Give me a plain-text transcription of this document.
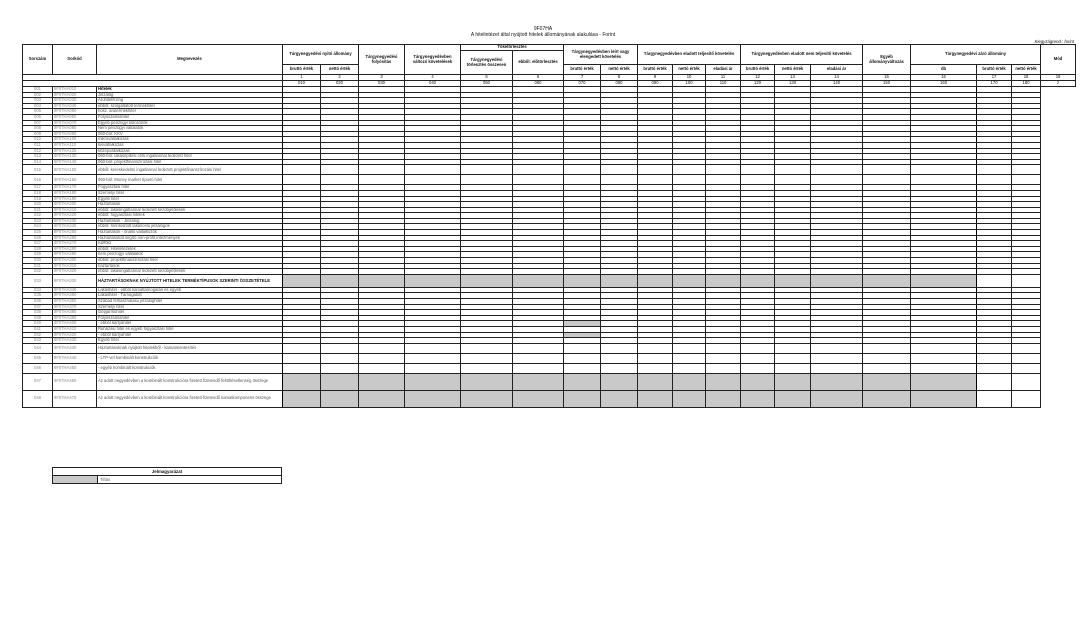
9F07HA
A hitelintézet által nyújtott hitelek állományának alakulása - Forint
Kiegyzágrend.: forint
Sorszám	Sorkód	Megnevezés	Tárgynegyedévi nyitó állomány		Tárgynegyedévi folyósítás	Tárgynegyedévben változó követelések	Tőketörlesztés		Tárgynegyedévben leírt vagy elengedett követelés		Tárgynegyedévben eladott teljesítő követelés			Tárgynegyedévben eladott nem teljesítő követelés			Egyéb állományváltozás	Tárgynegyedévi záró állomány			Mód
							Tárgynegyedévi törlesztés összesen	ebből: előtörlesztés													
			bruttó érték	nettó érték					bruttó érték	nettó érték	bruttó érték	nettó érték	eladási ár	bruttó érték	nettó érték	eladási ár		db	bruttó érték	nettó érték	
			1	2	3	4	5	6	7	8	9	10	11	12	13	14	15	16	17	18	19
			010	020	030	040	050	060	070	080	090	100	110	120	130	140	150	160	170	180	z
001	9F07HA010	Hitelek																			
002	9F07HA020	Jelzálog																			
003	9F07HA030	Áruhitel/lízing																			
004	9F07HA040	ebből: szolgáltatott termékhitel																			
005	9F07HA050	hosz. árutermékhitel																			
006	9F07HA060	Folyószámlahitel																			
007	9F07HA070	Egyéb pénzügyi kölcsönök																			
008	9F07HA080	Nem pénzügyi vállalatok																			
009	9F07HA090	060-ból: KKV																			
010	9F07HA100	mikrovállalkozás																			
011	9F07HA110	kisvállalkozás																			
012	9F07HA120	középvállalkozás																			
013	9F07HA130	060-ból: lakásépítési célú ingatlannal fedezett hitel																			
014	9F07HA140	060-ból: projektfinanszírozási hitel																			
015	9F07HA150	ebből: kereskedelmi ingatlannal fedezett projektfinanszírozási hitel																			
016	9F07HA160	060-ból: Money market típusú hitel																			
017	9F07HA170	Fogyasztási hitel																			
018	9F07HA180	Személyi hitel																			
019	9F07HA190	Egyéb hitel																			
020	9F07HA200	Háztartások																			
021	9F07HA210	ebből: lakásingatlannal fedezett kezdőjelölések																			
022	9F07HA220	ebből: fogyasztási hitelek																			
023	9F07HA230	Háztartások - Jelzálog																			
024	9F07HA240	ebből: forintosított lakáscélú jelzálogok																			
025	9F07HA250	Háztartások - önálló vállalkozók																			
026	9F07HA260	Háztartásokat segítő non-profit intézmények																			
027	9F07HA270	Külföld																			
028	9F07HA280	ebből: Hitelintézetek																			
029	9F07HA290	nem pénzügyi vállalatok																			
030	9F07HA300	ebből: projektfinanszírozási hitel																			
031	9F07HA310	háztartások																			
032	9F07HA320	ebből: lakásingatlannal fedezett kezdőjelölések																			
033	9F07HA330	HÁZTARTÁSOKNAK NYÚJTOTT HITELEK TERMÉKTÍPUSOK SZERINTI ÖSSZETÉTELE																			
034	9F07HA340	Lakáshitel - ebből kamattámogatás és egyéb																			
035	9F07HA350	Lakáshitel - Támogatott																			
036	9F07HA360	Szabad felhasználású jelzáloghitel																			
037	9F07HA370	Személyi hitel																			
038	9F07HA380	Gépjárműhitel																			
039	9F07HA390	Folyószámlahitel																			
040	9F07HA400	- ebből kártyahitel																			
041	9F07HA410	Ruházási hitel és egyéb fogyasztási hitel																			
042	9F07HA420	- ebből kártyahitel																			
043	9F07HA430	Egyéb hitel																			
044	9F07HA430	Háztartásoknak nyújtott hitelekből - kamatmentesítés																			
045	9F07HA440	- LTP-vel kombinált konstrukciók																			
046	9F07HA450	- egyéb kombinált konstrukciók																			
047	9F07HA460	Az adott negyedévben a kombinált konstrukcióra fizetett fizetendő feltöltésetlenség összege																			
048	9F07HA470	Az adott negyedévben a kombinált konstrukcióra fizetett fizetendő kamatkomponens összege																			
Jelmagyarázat
	Tiltás
